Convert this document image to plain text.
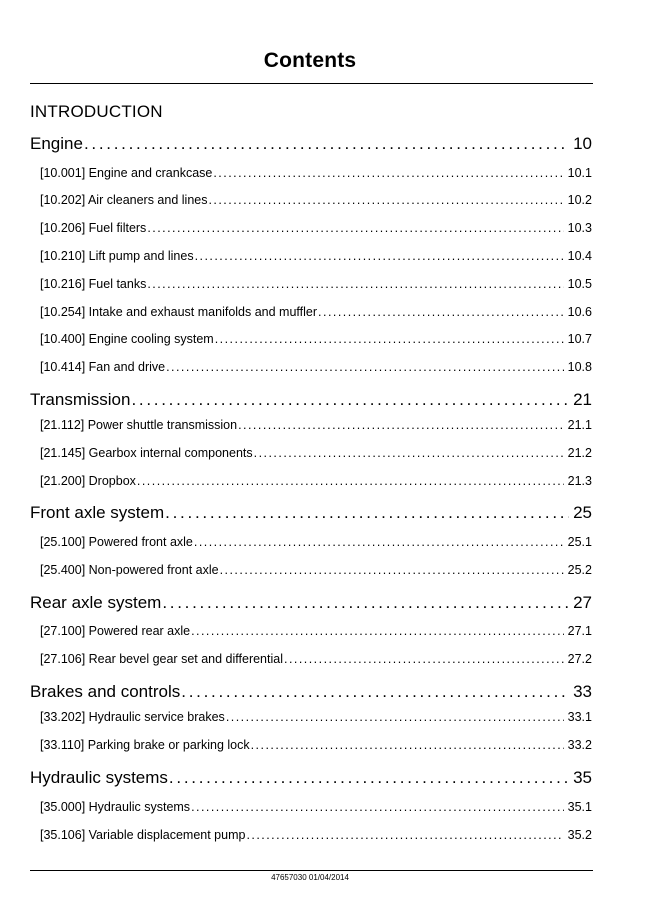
Contents
INTRODUCTION
Engine . . .	10
[10.001] Engine and crankcase . . .	10.1
[10.202] Air cleaners and lines . . .	10.2
[10.206] Fuel filters . . .	10.3
[10.210] Lift pump and lines . . .	10.4
[10.216] Fuel tanks . . .	10.5
[10.254] Intake and exhaust manifolds and muffler . . .	10.6
[10.400] Engine cooling system . . .	10.7
[10.414] Fan and drive . . .	10.8
Transmission . . .	21
[21.112] Power shuttle transmission . . .	21.1
[21.145] Gearbox internal components . . .	21.2
[21.200] Dropbox . . .	21.3
Front axle system . . .	25
[25.100] Powered front axle . . .	25.1
[25.400] Non-powered front axle . . .	25.2
Rear axle system . . .	27
[27.100] Powered rear axle . . .	27.1
[27.106] Rear bevel gear set and differential . . .	27.2
Brakes and controls . . .	33
[33.202] Hydraulic service brakes . . .	33.1
[33.110] Parking brake or parking lock . . .	33.2
Hydraulic systems . . .	35
[35.000] Hydraulic systems . . .	35.1
[35.106] Variable displacement pump . . .	35.2
47657030 01/04/2014
